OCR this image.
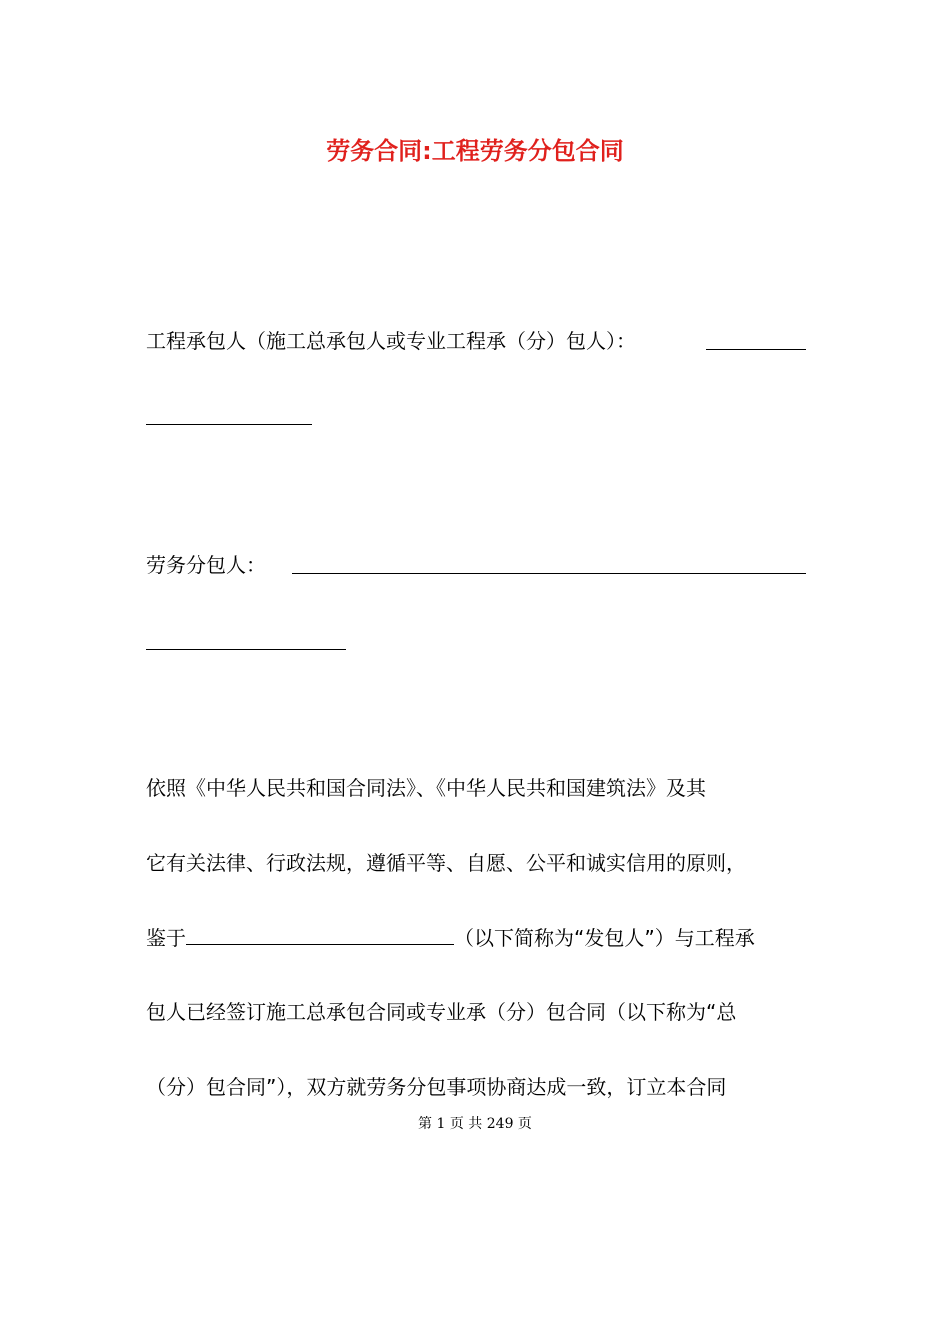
劳务合同:工程劳务分包合同
工程承包人（施工总承包人或专业工程承（分）包人）：
劳务分包人：
依照《中华人民共和国合同法》、《中华人民共和国建筑法》及其
它有关法律、行政法规，遵循平等、自愿、公平和诚实信用的原则，
鉴于	（以下简称为“发包人”）与工程承
包人已经签订施工总承包合同或专业承（分）包合同（以下称为“总
（分）包合同”），双方就劳务分包事项协商达成一致，订立本合同
第 1 页 共 249 页
